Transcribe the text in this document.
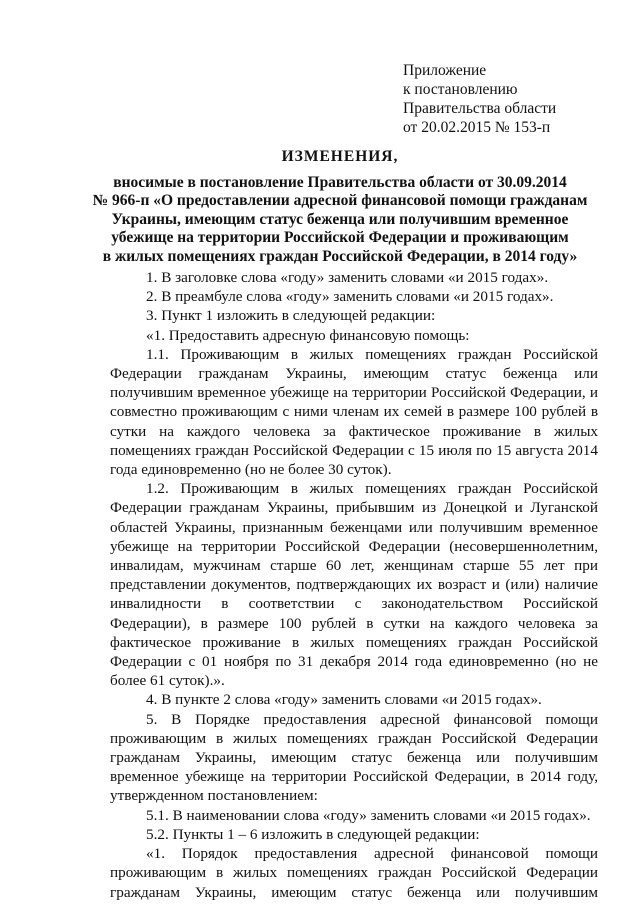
Приложение
к постановлению
Правительства области
от 20.02.2015 № 153-п
ИЗМЕНЕНИЯ,
вносимые в постановление Правительства области от 30.09.2014
№ 966-п «О предоставлении адресной финансовой помощи гражданам
Украины, имеющим статус беженца или получившим временное
убежище на территории Российской Федерации и проживающим
в жилых помещениях граждан Российской Федерации, в 2014 году»

1. В заголовке слова «году» заменить словами «и 2015 годах».

2. В преамбуле слова «году» заменить словами «и 2015 годах».

3. Пункт 1 изложить в следующей редакции:

«1. Предоставить адресную финансовую помощь:

1.1. Проживающим в жилых помещениях граждан Российской Федерации гражданам Украины, имеющим статус беженца или получившим временное убежище на территории Российской Федерации, и совместно проживающим с ними членам их семей в размере 100 рублей в сутки на каждого человека за фактическое проживание в жилых помещениях граждан Российской Федерации с 15 июля по 15 августа 2014 года единовременно (но не более 30 суток).

1.2. Проживающим в жилых помещениях граждан Российской Федерации гражданам Украины, прибывшим из Донецкой и Луганской областей Украины, признанным беженцами или получившим временное убежище на территории Российской Федерации (несовершеннолетним, инвалидам, мужчинам старше 60 лет, женщинам старше 55 лет при представлении документов, подтверждающих их возраст и (или) наличие инвалидности в соответствии с законодательством Российской Федерации), в размере 100 рублей в сутки на каждого человека за фактическое проживание в жилых помещениях граждан Российской Федерации с 01 ноября по 31 декабря 2014 года единовременно (но не более 61 суток).».

4. В пункте 2 слова «году» заменить словами «и 2015 годах».

5. В Порядке предоставления адресной финансовой помощи проживающим в жилых помещениях граждан Российской Федерации гражданам Украины, имеющим статус беженца или получившим временное убежище на территории Российской Федерации, в 2014 году, утвержденном постановлением:

5.1. В наименовании слова «году» заменить словами «и 2015 годах».

5.2. Пункты 1 – 6 изложить в следующей редакции:

«1. Порядок предоставления адресной финансовой помощи проживающим в жилых помещениях граждан Российской Федерации гражданам Украины, имеющим статус беженца или получившим
